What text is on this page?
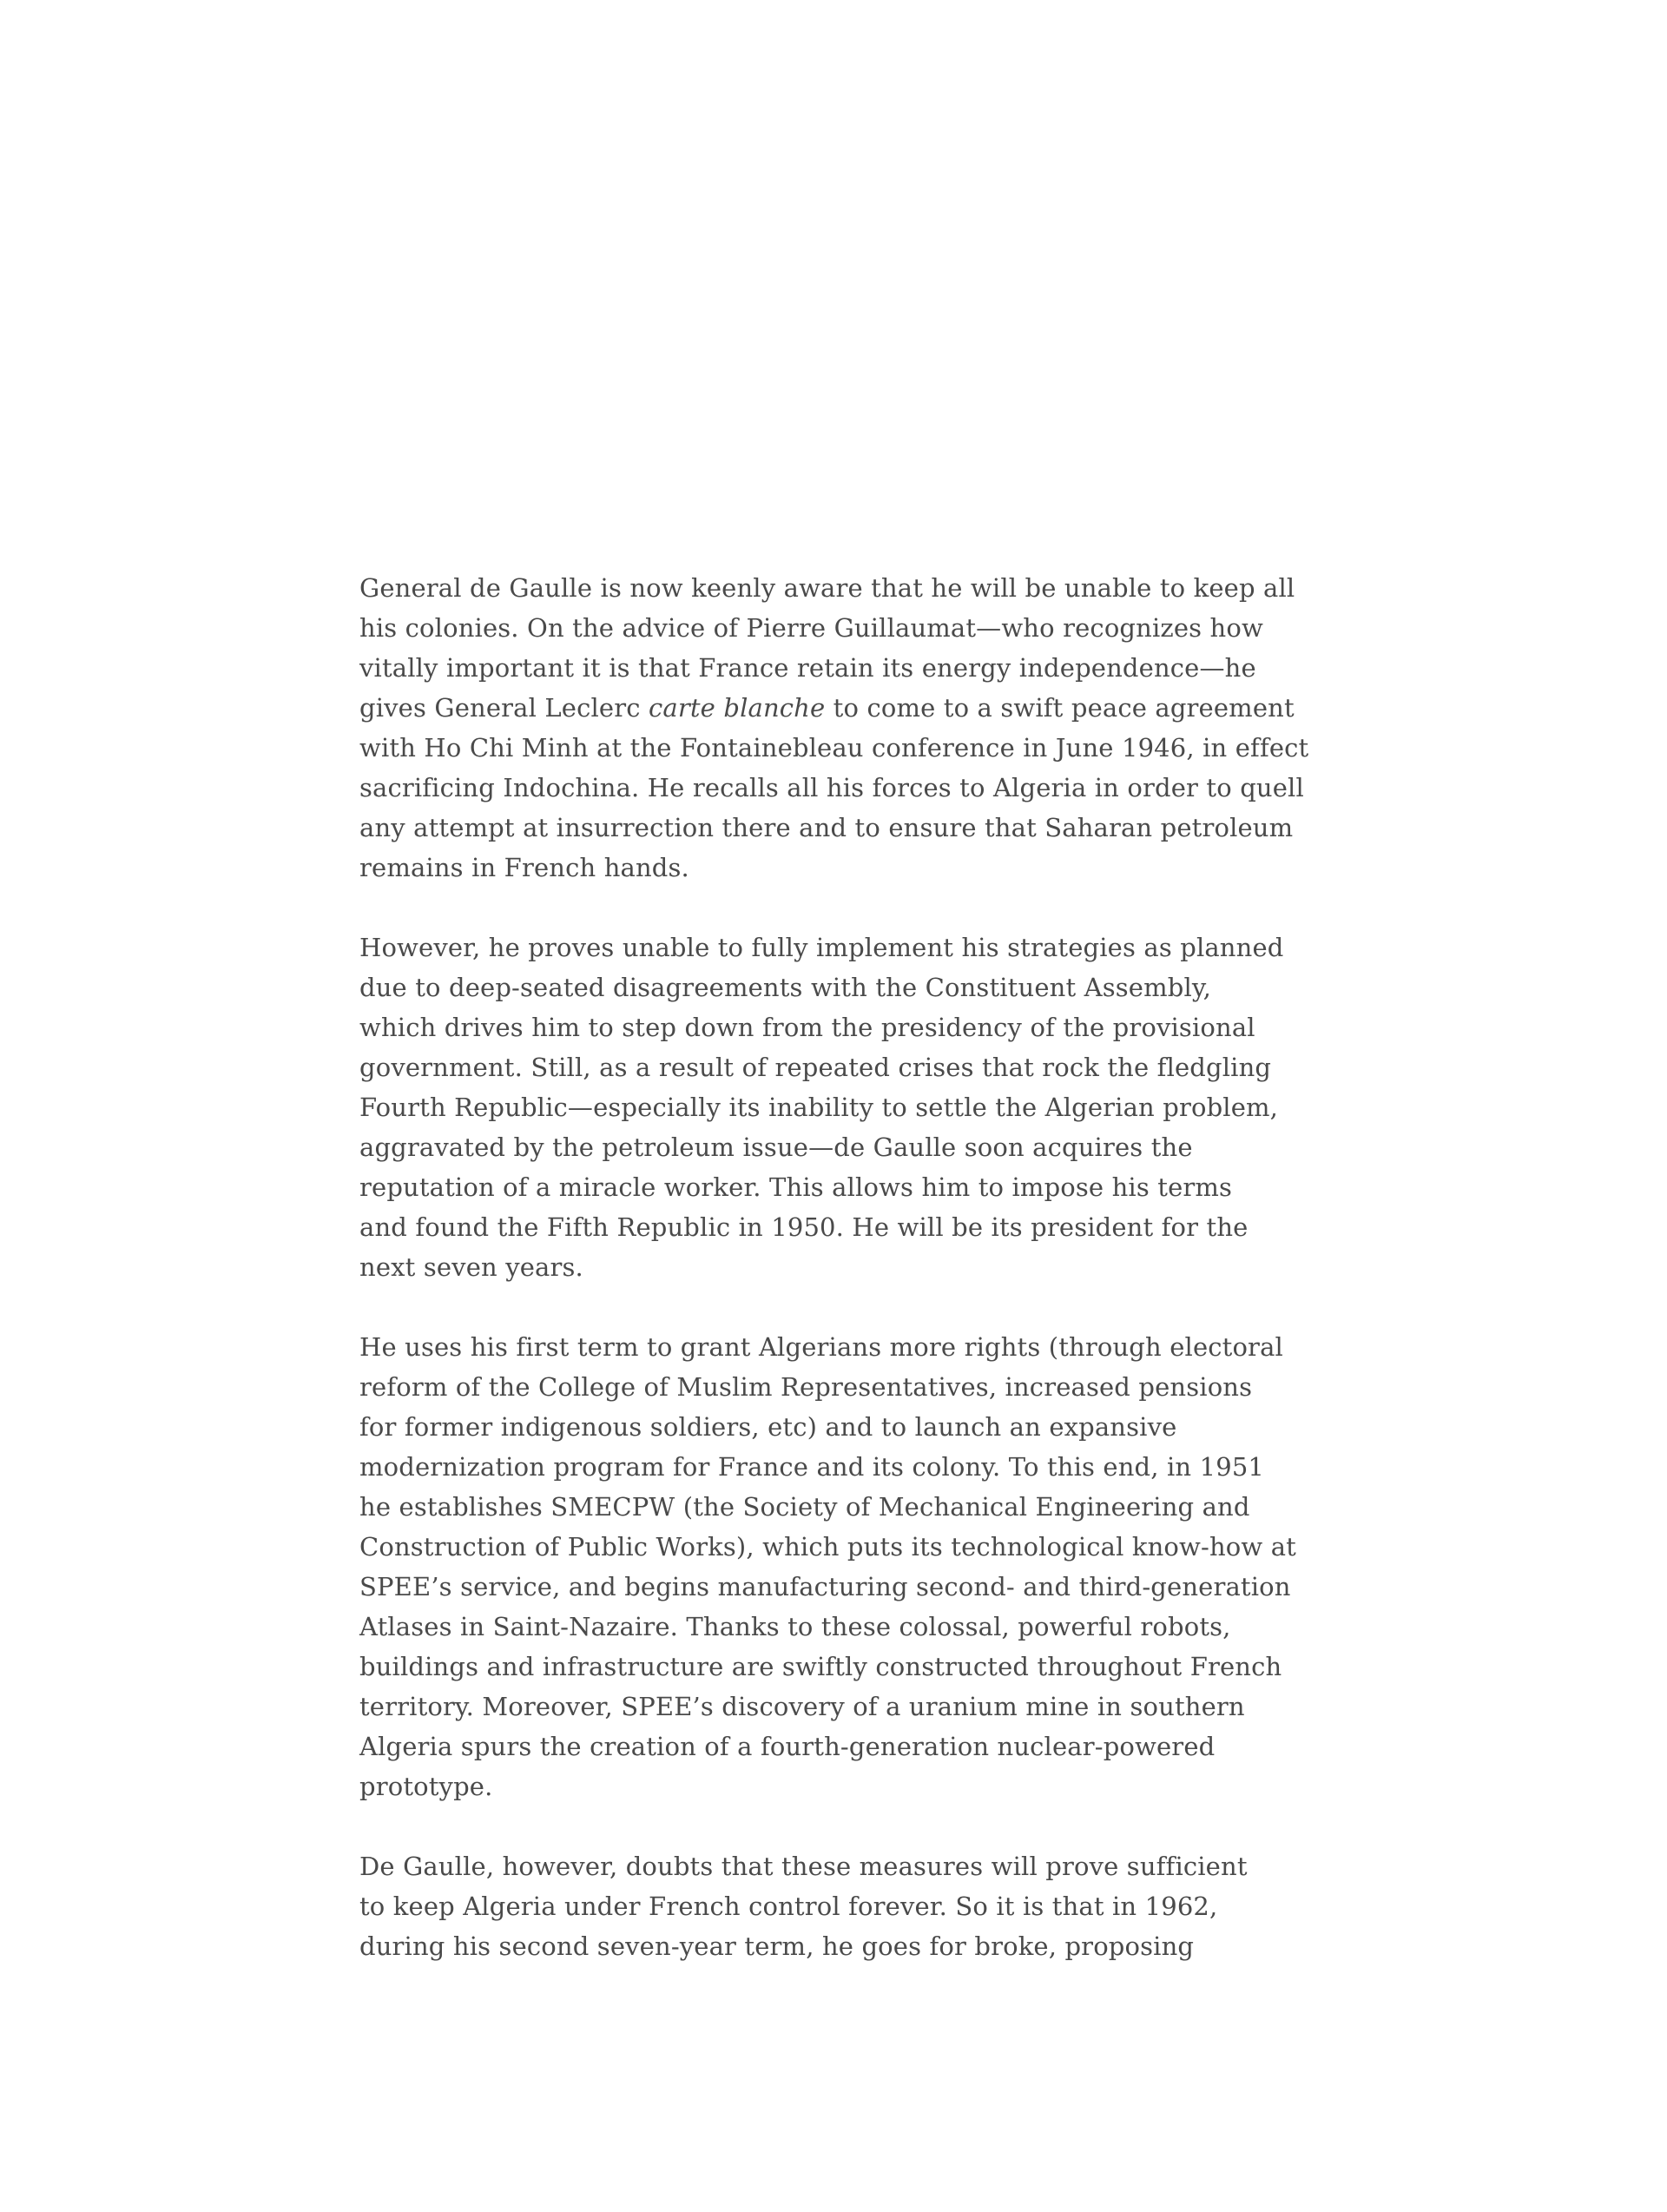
General de Gaulle is now keenly aware that he will be unable to keep all
his colonies. On the advice of Pierre Guillaumat—who recognizes how
vitally important it is that France retain its energy independence—he
gives General Leclerc carte blanche to come to a swift peace agreement
with Ho Chi Minh at the Fontainebleau conference in June 1946, in effect
sacrificing Indochina. He recalls all his forces to Algeria in order to quell
any attempt at insurrection there and to ensure that Saharan petroleum
remains in French hands.

However, he proves unable to fully implement his strategies as planned
due to deep-seated disagreements with the Constituent Assembly,
which drives him to step down from the presidency of the provisional
government. Still, as a result of repeated crises that rock the fledgling
Fourth Republic—especially its inability to settle the Algerian problem,
aggravated by the petroleum issue—de Gaulle soon acquires the
reputation of a miracle worker. This allows him to impose his terms
and found the Fifth Republic in 1950. He will be its president for the
next seven years.

He uses his first term to grant Algerians more rights (through electoral
reform of the College of Muslim Representatives, increased pensions
for former indigenous soldiers, etc) and to launch an expansive
modernization program for France and its colony. To this end, in 1951
he establishes SMECPW (the Society of Mechanical Engineering and
Construction of Public Works), which puts its technological know-how at
SPEE’s service, and begins manufacturing second- and third-generation
Atlases in Saint-Nazaire. Thanks to these colossal, powerful robots,
buildings and infrastructure are swiftly constructed throughout French
territory. Moreover, SPEE’s discovery of a uranium mine in southern
Algeria spurs the creation of a fourth-generation nuclear-powered
prototype.

De Gaulle, however, doubts that these measures will prove sufficient
to keep Algeria under French control forever. So it is that in 1962,
during his second seven-year term, he goes for broke, proposing
